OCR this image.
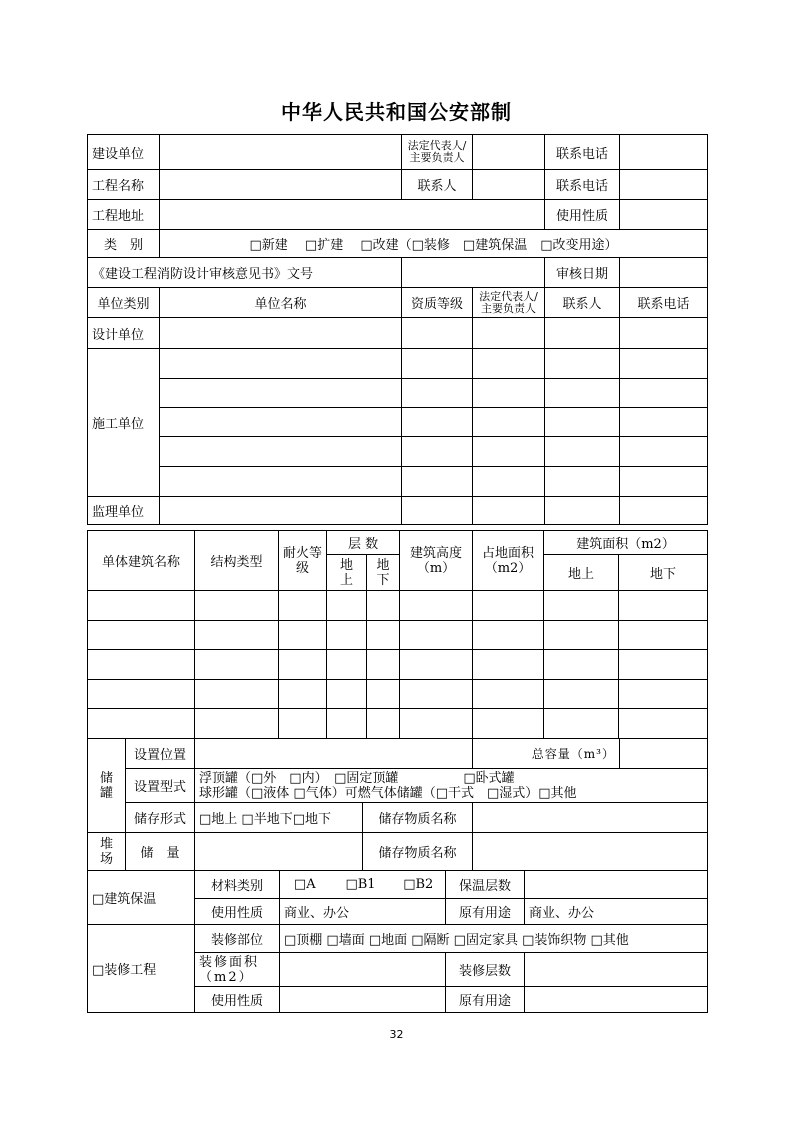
中华人民共和国公安部制
建设单位		法定代表人/主要负责人		联系电话	
工程名称		联系人		联系电话	
工程地址				使用性质	
类　别	□新建　 □扩建　 □改建（□装修　□建筑保温　□改变用途）				
《建设工程消防设计审核意见书》文号				审核日期	
单位类别	单位名称	资质等级	法定代表人/主要负责人	联系人	联系电话
设计单位					
施工单位					

监理单位					
单体建筑名称	结构类型	耐火等级	层 数		建筑高度（m）	占地面积（m2）	建筑面积（m2）	
			地上	地下			地上	地下

储罐	设置位置			总容量（m³）	
	设置型式	浮顶罐（□外　□内）　□固定顶罐　　　　　□卧式罐
球形罐（□液体 □气体）可燃气体储罐（□干式　□湿式）□其他			

	储存形式	□地上 □半地下□地下	储存物质名称		
堆场	储　量		储存物质名称		
□建筑保温	材料类别	□A	□B1	□B2	保温层数	
	使用性质	商业、办公			原有用途	商业、办公
□装修工程	装修部位	□顶棚 □墙面 □地面 □隔断 □固定家具 □装饰织物 □其他				
	装修面积（m2）				装修层数	
	使用性质				原有用途	
32
